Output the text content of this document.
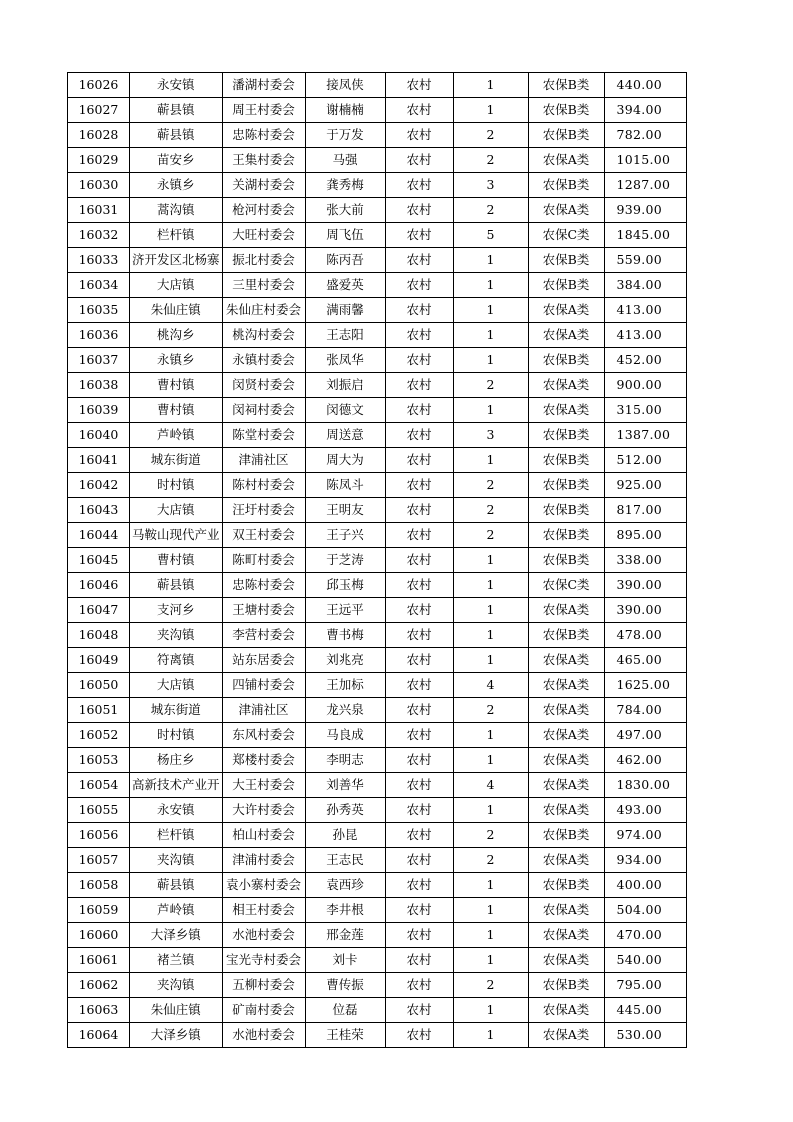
16026	永安镇	潘湖村委会	接凤侠	农村	1	农保B类	440.00
16027	蕲县镇	周王村委会	谢楠楠	农村	1	农保B类	394.00
16028	蕲县镇	忠陈村委会	于万发	农村	2	农保B类	782.00
16029	苗安乡	王集村委会	马强	农村	2	农保A类	1015.00
16030	永镇乡	关湖村委会	龚秀梅	农村	3	农保B类	1287.00
16031	蒿沟镇	枪河村委会	张大前	农村	2	农保A类	939.00
16032	栏杆镇	大旺村委会	周飞伍	农村	5	农保C类	1845.00
16033	济开发区北杨寨	振北村委会	陈丙吾	农村	1	农保B类	559.00
16034	大店镇	三里村委会	盛爱英	农村	1	农保B类	384.00
16035	朱仙庄镇	朱仙庄村委会	满雨馨	农村	1	农保A类	413.00
16036	桃沟乡	桃沟村委会	王志阳	农村	1	农保A类	413.00
16037	永镇乡	永镇村委会	张凤华	农村	1	农保B类	452.00
16038	曹村镇	闵贤村委会	刘振启	农村	2	农保A类	900.00
16039	曹村镇	闵祠村委会	闵德文	农村	1	农保A类	315.00
16040	芦岭镇	陈堂村委会	周送意	农村	3	农保B类	1387.00
16041	城东街道	津浦社区	周大为	农村	1	农保B类	512.00
16042	时村镇	陈村村委会	陈凤斗	农村	2	农保B类	925.00
16043	大店镇	汪圩村委会	王明友	农村	2	农保B类	817.00
16044	马鞍山现代产业	双王村委会	王子兴	农村	2	农保B类	895.00
16045	曹村镇	陈町村委会	于芝涛	农村	1	农保B类	338.00
16046	蕲县镇	忠陈村委会	邱玉梅	农村	1	农保C类	390.00
16047	支河乡	王塘村委会	王远平	农村	1	农保A类	390.00
16048	夹沟镇	李营村委会	曹书梅	农村	1	农保B类	478.00
16049	符离镇	站东居委会	刘兆亮	农村	1	农保A类	465.00
16050	大店镇	四铺村委会	王加标	农村	4	农保A类	1625.00
16051	城东街道	津浦社区	龙兴泉	农村	2	农保A类	784.00
16052	时村镇	东风村委会	马良成	农村	1	农保A类	497.00
16053	杨庄乡	郑楼村委会	李明志	农村	1	农保A类	462.00
16054	高新技术产业开	大王村委会	刘善华	农村	4	农保A类	1830.00
16055	永安镇	大许村委会	孙秀英	农村	1	农保A类	493.00
16056	栏杆镇	柏山村委会	孙昆	农村	2	农保B类	974.00
16057	夹沟镇	津浦村委会	王志民	农村	2	农保A类	934.00
16058	蕲县镇	袁小寨村委会	袁西珍	农村	1	农保B类	400.00
16059	芦岭镇	相王村委会	李井根	农村	1	农保A类	504.00
16060	大泽乡镇	水池村委会	邢金莲	农村	1	农保A类	470.00
16061	褚兰镇	宝光寺村委会	刘卡	农村	1	农保A类	540.00
16062	夹沟镇	五柳村委会	曹传振	农村	2	农保B类	795.00
16063	朱仙庄镇	矿南村委会	位磊	农村	1	农保A类	445.00
16064	大泽乡镇	水池村委会	王桂荣	农村	1	农保A类	530.00
